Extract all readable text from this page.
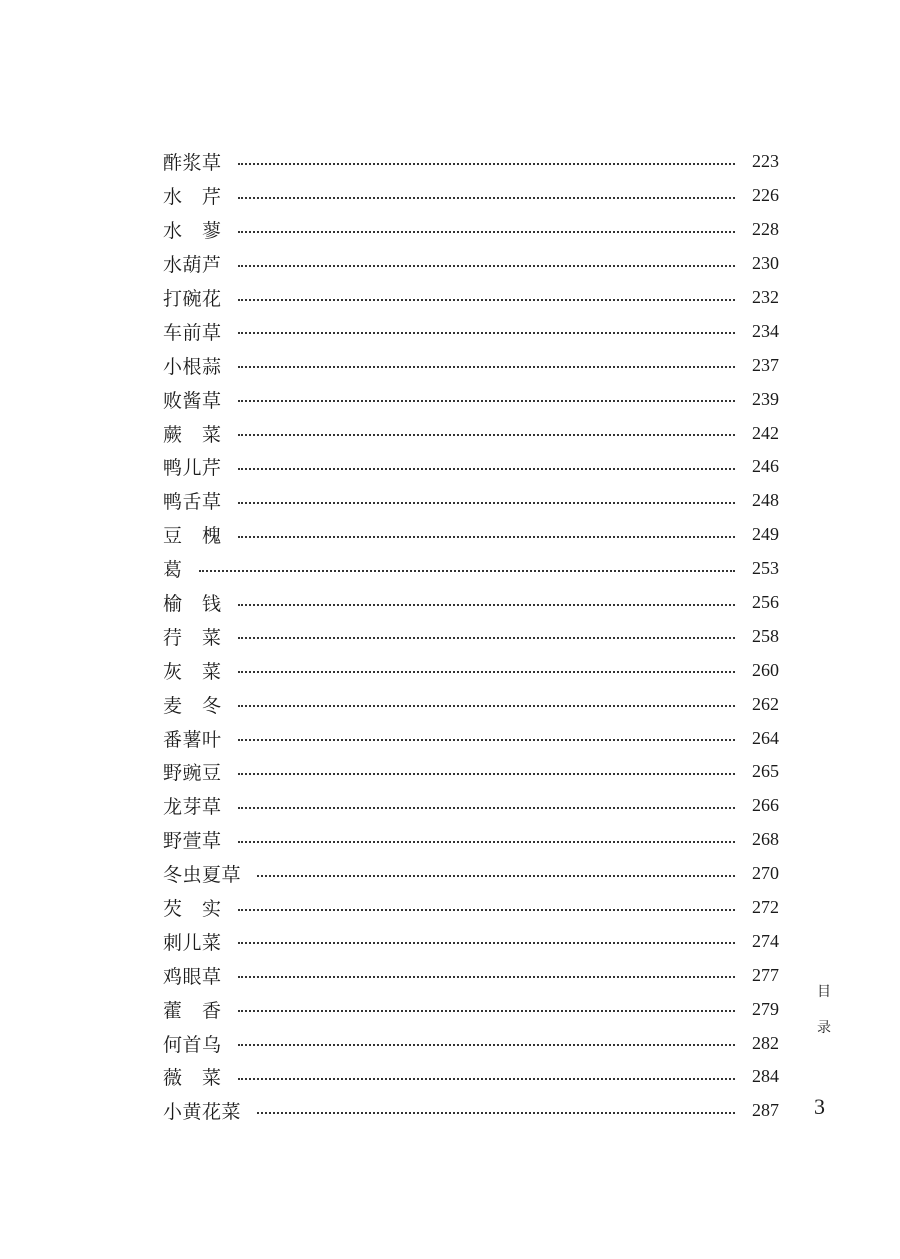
酢浆草	223
水　芹	226
水　蓼	228
水葫芦	230
打碗花	232
车前草	234
小根蒜	237
败酱草	239
蕨　菜	242
鸭儿芹	246
鸭舌草	248
豆　槐	249
葛	253
榆　钱	256
荇　菜	258
灰　菜	260
麦　冬	262
番薯叶	264
野豌豆	265
龙芽草	266
野萱草	268
冬虫夏草	270
芡　实	272
刺儿菜	274
鸡眼草	277
藿　香	279
何首乌	282
薇　菜	284
小黄花菜	287
目
录
3
